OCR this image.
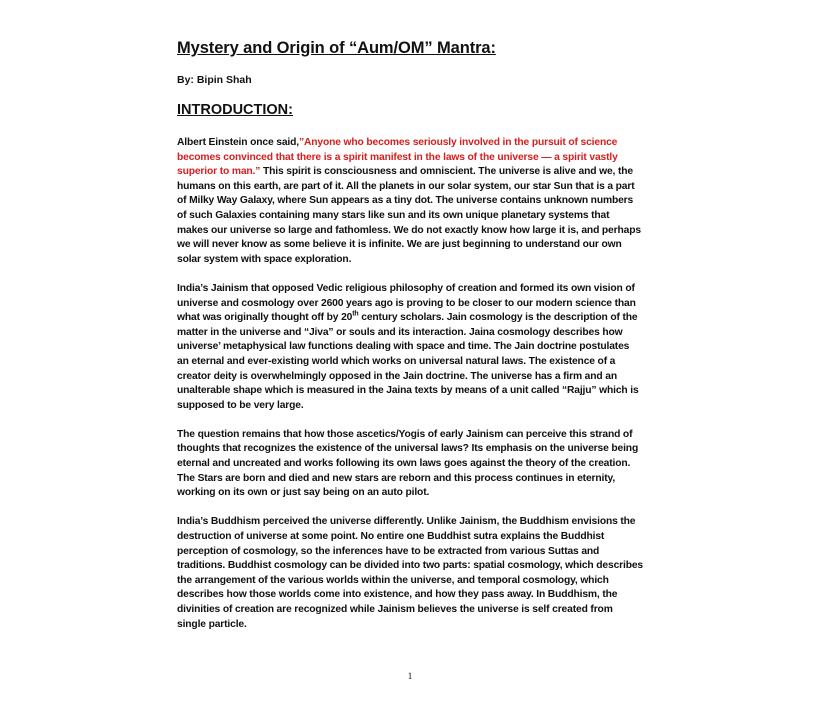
Mystery and Origin of “Aum/OM” Mantra:

By: Bipin Shah

INTRODUCTION:

Albert Einstein once said,”Anyone who becomes seriously involved in the pursuit of science becomes convinced that there is a spirit manifest in the laws of the universe — a spirit vastly superior to man.” This spirit is consciousness and omniscient. The universe is alive and we, the humans on this earth, are part of it. All the planets in our solar system, our star Sun that is a part of Milky Way Galaxy, where Sun appears as a tiny dot. The universe contains unknown numbers of such Galaxies containing many stars like sun and its own unique planetary systems that makes our universe so large and fathomless. We do not exactly know how large it is, and perhaps we will never know as some believe it is infinite. We are just beginning to understand our own solar system with space exploration.

India’s Jainism that opposed Vedic religious philosophy of creation and formed its own vision of universe and cosmology over 2600 years ago is proving to be closer to our modern science than what was originally thought off by 20th century scholars. Jain cosmology is the description of the matter in the universe and “Jiva” or souls and its interaction. Jaina cosmology describes how universe’ metaphysical law functions dealing with space and time. The Jain doctrine postulates an eternal and ever-existing world which works on universal natural laws. The existence of a creator deity is overwhelmingly opposed in the Jain doctrine. The universe has a firm and an unalterable shape which is measured in the Jaina texts by means of a unit called “Rajju” which is supposed to be very large.

The question remains that how those ascetics/Yogis of early Jainism can perceive this strand of thoughts that recognizes the existence of the universal laws? Its emphasis on the universe being eternal and uncreated and works following its own laws goes against the theory of the creation. The Stars are born and died and new stars are reborn and this process continues in eternity, working on its own or just say being on an auto pilot.

India’s Buddhism perceived the universe differently. Unlike Jainism, the Buddhism envisions the destruction of universe at some point. No entire one Buddhist sutra explains the Buddhist perception of cosmology, so the inferences have to be extracted from various Suttas and traditions. Buddhist cosmology can be divided into two parts: spatial cosmology, which describes the arrangement of the various worlds within the universe, and temporal cosmology, which describes how those worlds come into existence, and how they pass away. In Buddhism, the divinities of creation are recognized while Jainism believes the universe is self created from single particle.

1
